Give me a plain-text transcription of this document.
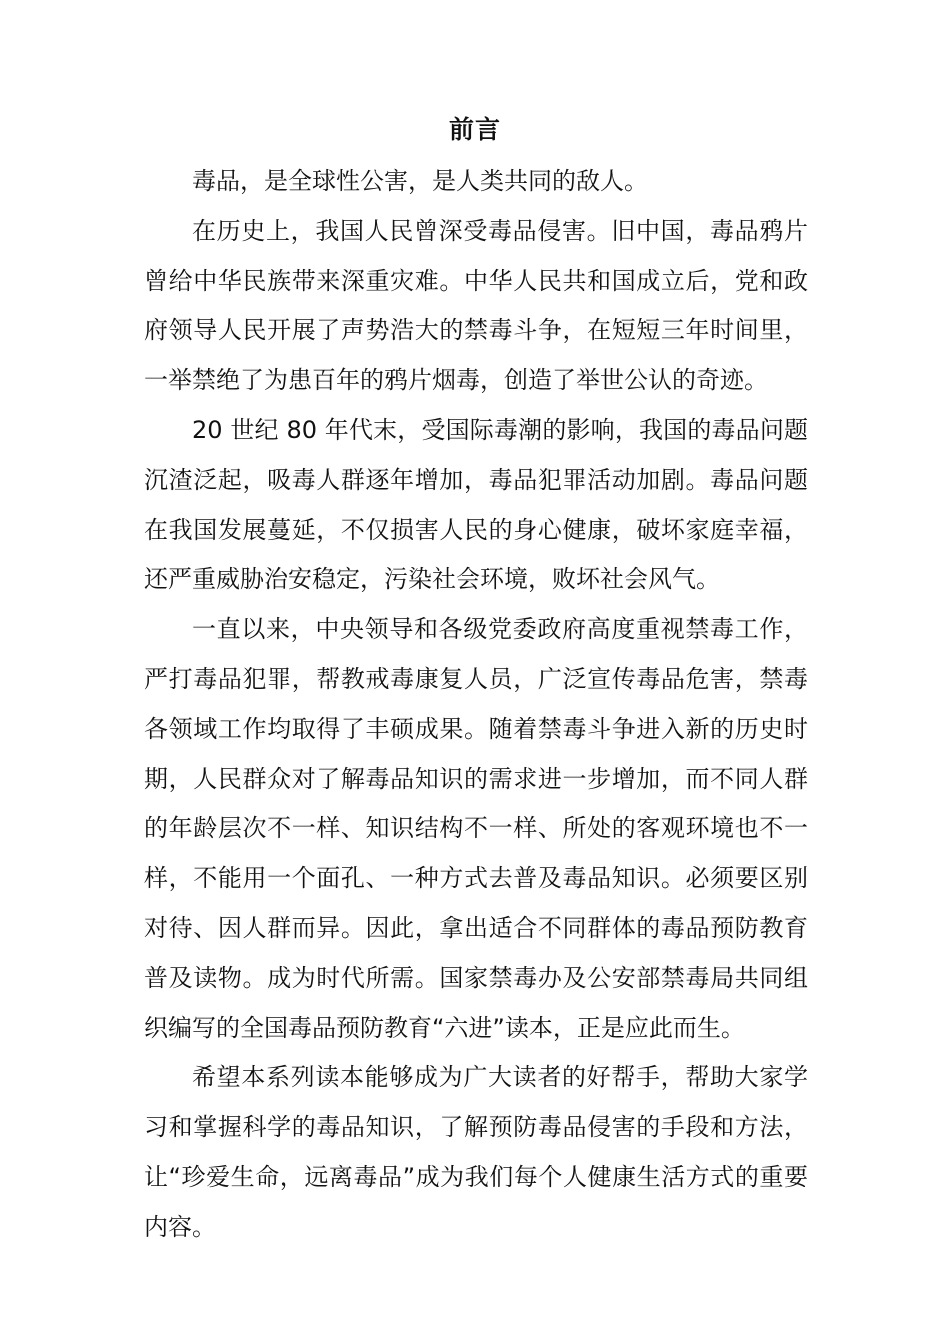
前言

毒品，是全球性公害，是人类共同的敌人。

在历史上，我国人民曾深受毒品侵害。旧中国，毒品鸦片曾给中华民族带来深重灾难。中华人民共和国成立后，党和政府领导人民开展了声势浩大的禁毒斗争，在短短三年时间里，一举禁绝了为患百年的鸦片烟毒，创造了举世公认的奇迹。

20 世纪 80 年代末，受国际毒潮的影响，我国的毒品问题沉渣泛起，吸毒人群逐年增加，毒品犯罪活动加剧。毒品问题在我国发展蔓延，不仅损害人民的身心健康，破坏家庭幸福，还严重威胁治安稳定，污染社会环境，败坏社会风气。

一直以来，中央领导和各级党委政府高度重视禁毒工作，严打毒品犯罪，帮教戒毒康复人员，广泛宣传毒品危害，禁毒各领域工作均取得了丰硕成果。随着禁毒斗争进入新的历史时期，人民群众对了解毒品知识的需求进一步增加，而不同人群的年龄层次不一样、知识结构不一样、所处的客观环境也不一样，不能用一个面孔、一种方式去普及毒品知识。必须要区别对待、因人群而异。因此，拿出适合不同群体的毒品预防教育普及读物。成为时代所需。国家禁毒办及公安部禁毒局共同组织编写的全国毒品预防教育“六进”读本，正是应此而生。

希望本系列读本能够成为广大读者的好帮手，帮助大家学习和掌握科学的毒品知识，了解预防毒品侵害的手段和方法，让“珍爱生命，远离毒品”成为我们每个人健康生活方式的重要内容。
